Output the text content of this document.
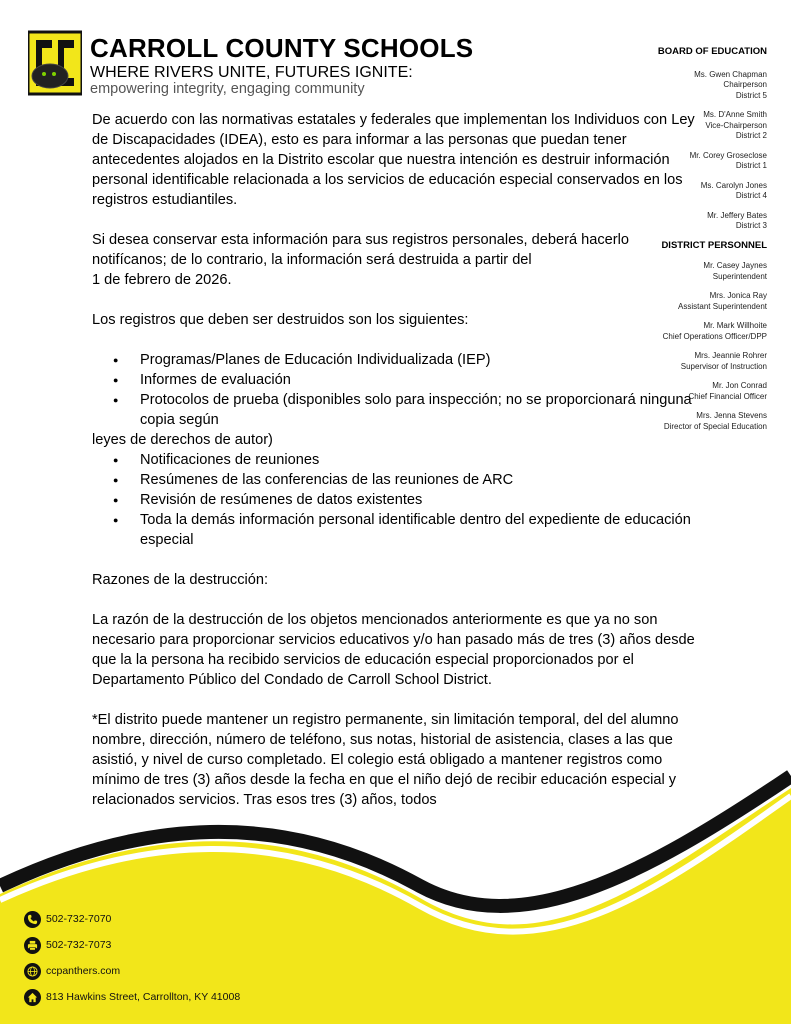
CARROLL COUNTY SCHOOLS
WHERE RIVERS UNITE, FUTURES IGNITE:
empowering integrity, engaging community
BOARD OF EDUCATION
Ms. Gwen Chapman
Chairperson
District 5
Ms. D'Anne Smith
Vice-Chairperson
District 2
Mr. Corey Groseclose
District 1
Ms. Carolyn Jones
District 4
Mr. Jeffery Bates
District 3
DISTRICT PERSONNEL
Mr. Casey Jaynes
Superintendent
Mrs. Jonica Ray
Assistant Superintendent
Mr. Mark Willhoite
Chief Operations Officer/DPP
Mrs. Jeannie Rohrer
Supervisor of Instruction
Mr. Jon Conrad
Chief Financial Officer
Mrs. Jenna Stevens
Director of Special Education

De acuerdo con las normativas estatales y federales que implementan los Individuos con Ley de Discapacidades (IDEA), esto es para informar a las personas que puedan tener antecedentes alojados en la Distrito escolar que nuestra intención es destruir información personal identificable relacionada a los servicios de educación especial conservados en los registros estudiantiles.

Si desea conservar esta información para sus registros personales, deberá hacerlo notifícanos; de lo contrario, la información será destruida a partir del
1 de febrero de 2026.

Los registros que deben ser destruidos son los siguientes:

● Programas/Planes de Educación Individualizada (IEP)
● Informes de evaluación
● Protocolos de prueba (disponibles solo para inspección; no se proporcionará ninguna copia según
leyes de derechos de autor)
● Notificaciones de reuniones
● Resúmenes de las conferencias de las reuniones de ARC
● Revisión de resúmenes de datos existentes
● Toda la demás información personal identificable dentro del expediente de educación especial

Razones de la destrucción:

La razón de la destrucción de los objetos mencionados anteriormente es que ya no son necesario para proporcionar servicios educativos y/o han pasado más de tres (3) años desde que la la persona ha recibido servicios de educación especial proporcionados por el Departamento Público del Condado de Carroll School District.

*El distrito puede mantener un registro permanente, sin limitación temporal, del del alumno nombre, dirección, número de teléfono, sus notas, historial de asistencia, clases a las que asistió, y nivel de curso completado. El colegio está obligado a mantener registros como mínimo de tres (3) años desde la fecha en que el niño dejó de recibir educación especial y relacionados servicios. Tras esos tres (3) años, todos

502-732-7070
502-732-7073
ccpanthers.com
813 Hawkins Street, Carrollton, KY 41008
